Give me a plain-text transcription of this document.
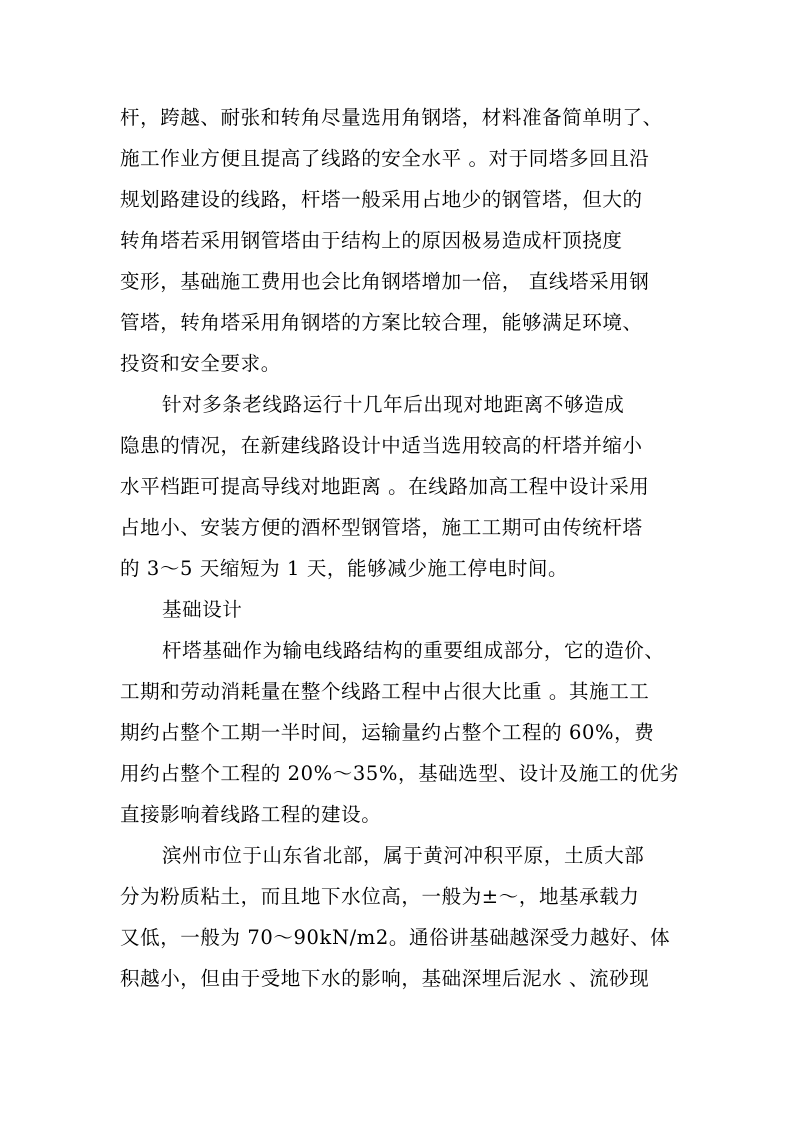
杆，跨越、耐张和转角尽量选用角钢塔，材料准备简单明了、
施工作业方便且提高了线路的安全水平 。对于同塔多回且沿
规划路建设的线路，杆塔一般采用占地少的钢管塔，但大的
转角塔若采用钢管塔由于结构上的原因极易造成杆顶挠度
变形，基础施工费用也会比角钢塔增加一倍， 直线塔采用钢
管塔，转角塔采用角钢塔的方案比较合理，能够满足环境、
投资和安全要求。
针对多条老线路运行十几年后出现对地距离不够造成
隐患的情况，在新建线路设计中适当选用较高的杆塔并缩小
水平档距可提高导线对地距离 。在线路加高工程中设计采用
占地小、安装方便的酒杯型钢管塔，施工工期可由传统杆塔
的 3～5 天缩短为 1 天，能够减少施工停电时间。
基础设计
杆塔基础作为输电线路结构的重要组成部分，它的造价、
工期和劳动消耗量在整个线路工程中占很大比重 。其施工工
期约占整个工期一半时间，运输量约占整个工程的 60%，费
用约占整个工程的 20%～35%，基础选型、设计及施工的优劣
直接影响着线路工程的建设。
滨州市位于山东省北部，属于黄河冲积平原，土质大部
分为粉质粘土，而且地下水位高，一般为±～，地基承载力
又低，一般为 70～90kN/m2。通俗讲基础越深受力越好、体
积越小，但由于受地下水的影响，基础深埋后泥水 、流砂现
